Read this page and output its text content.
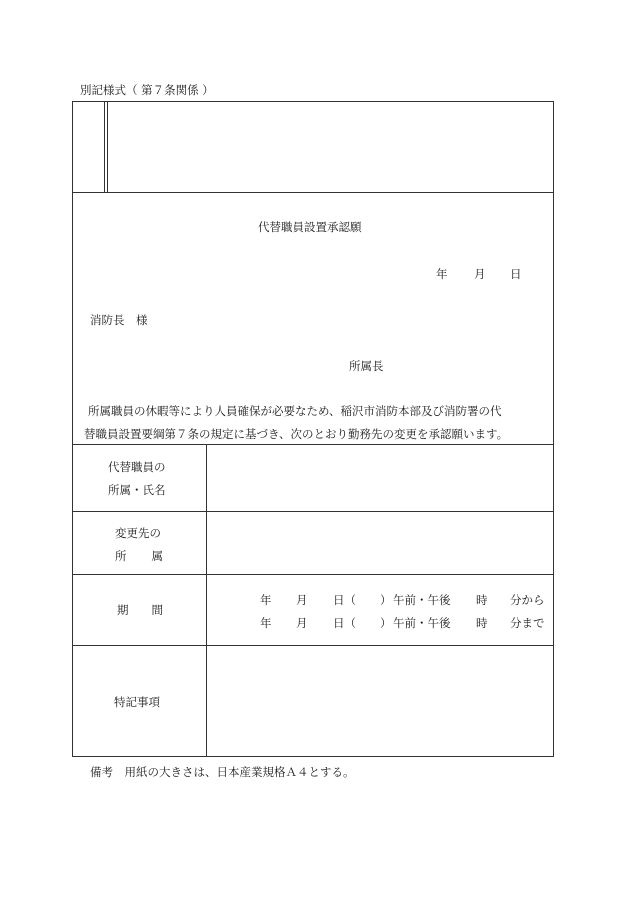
別記様式（ 第７条関係 ）
代替職員設置承認願
年 月 日
消防長　様
所属長
所属職員の休暇等により人員確保が必要なため、稲沢市消防本部及び消防署の代
替職員設置要綱第７条の規定に基づき、次のとおり勤務先の変更を承認願います。
代替職員の
所属・氏名
変更先の
所 属
期 間
年 月 日（ ） 午前・午後 時 分から
年 月 日（ ） 午前・午後 時 分まで
特記事項
備考　用紙の大きさは、日本産業規格Ａ４とする。
